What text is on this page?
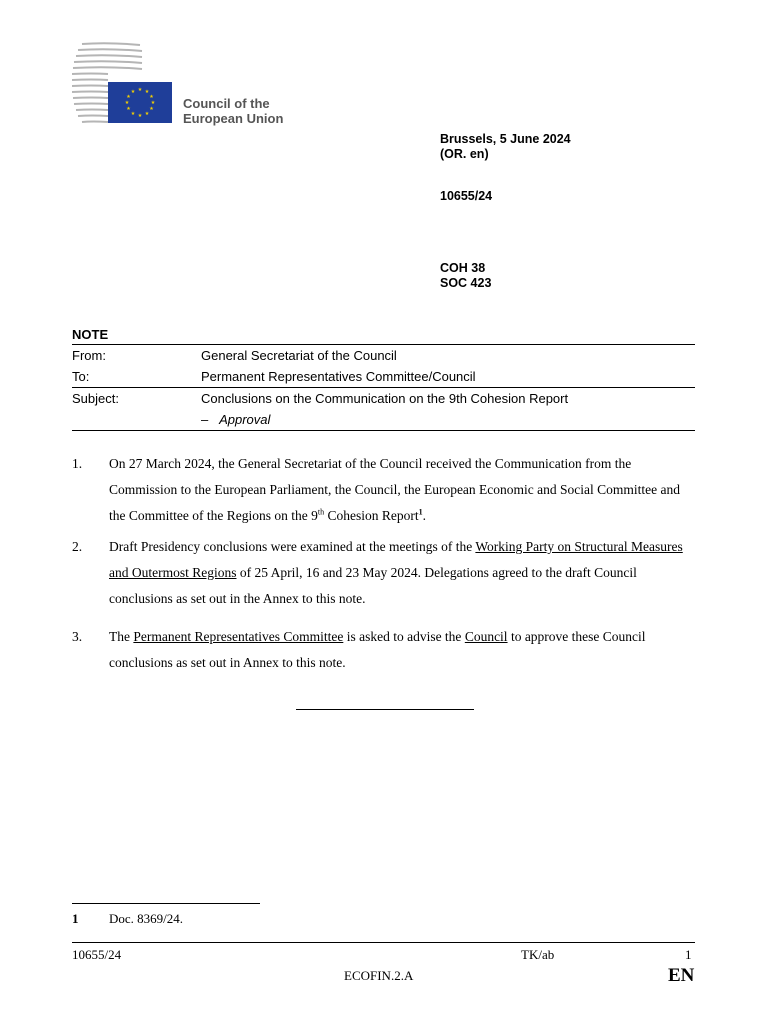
★ ★
★
★
★
★
★
★
★
★
★
★
Council of the
European Union
Brussels, 5 June 2024
(OR. en)
10655/24
COH 38
SOC 423
NOTE
From:	General Secretariat of the Council
To:	Permanent Representatives Committee/Council
Subject:	Conclusions on the Communication on the 9th Cohesion Report
– Approval
1.	On 27 March 2024, the General Secretariat of the Council received the Communication from the Commission to the European Parliament, the Council, the European Economic and Social Committee and the Committee of the Regions on the 9th Cohesion Report$^1$.
2.	Draft Presidency conclusions were examined at the meetings of the Working Party on Structural Measures and Outermost Regions of 25 April, 16 and 23 May 2024. Delegations agreed to the draft Council conclusions as set out in the Annex to this note.
3.	The Permanent Representatives Committee is asked to advise the Council to approve these Council conclusions as set out in Annex to this note.
1	Doc. 8369/24.
10655/24	TK/ab	1
ECOFIN.2.A	EN
